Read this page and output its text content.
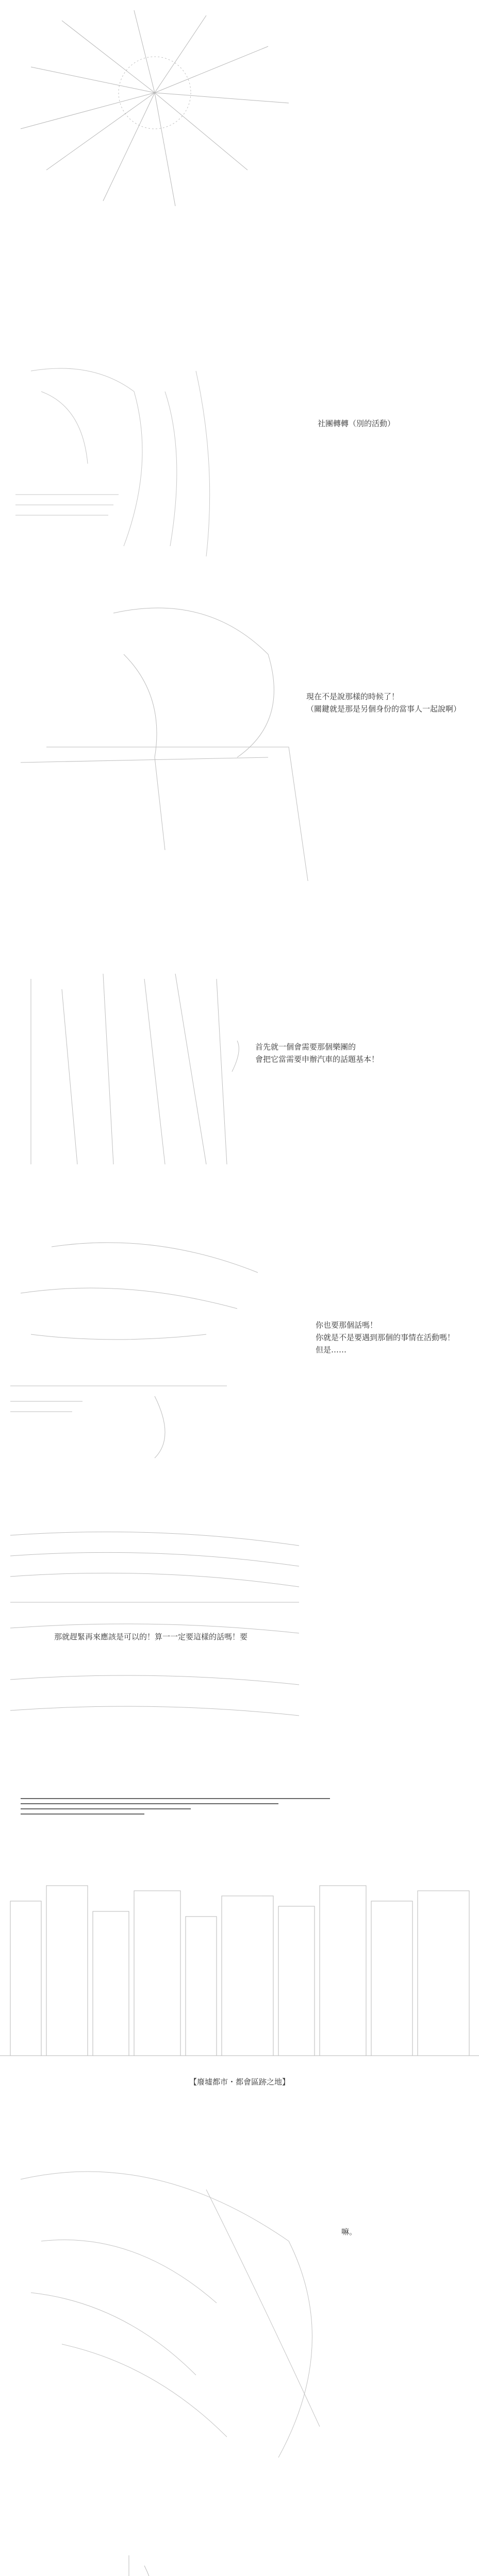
社團轉轉（別的活動）
現在不是說那樣的時候了！
（關鍵就是那是另個身份的當事人一起說啊）
首先就一個會需要那個樂團的
會把它當需要申辦汽車的話題基本！
你也要那個話嗎！
你就是不是要遇到那個的事情在活動嗎！
但是……
那就趕緊再來應該是可以的！算一一定要這樣的話嗎！要
【廢墟都市・都會區跡之地】
嘛。
